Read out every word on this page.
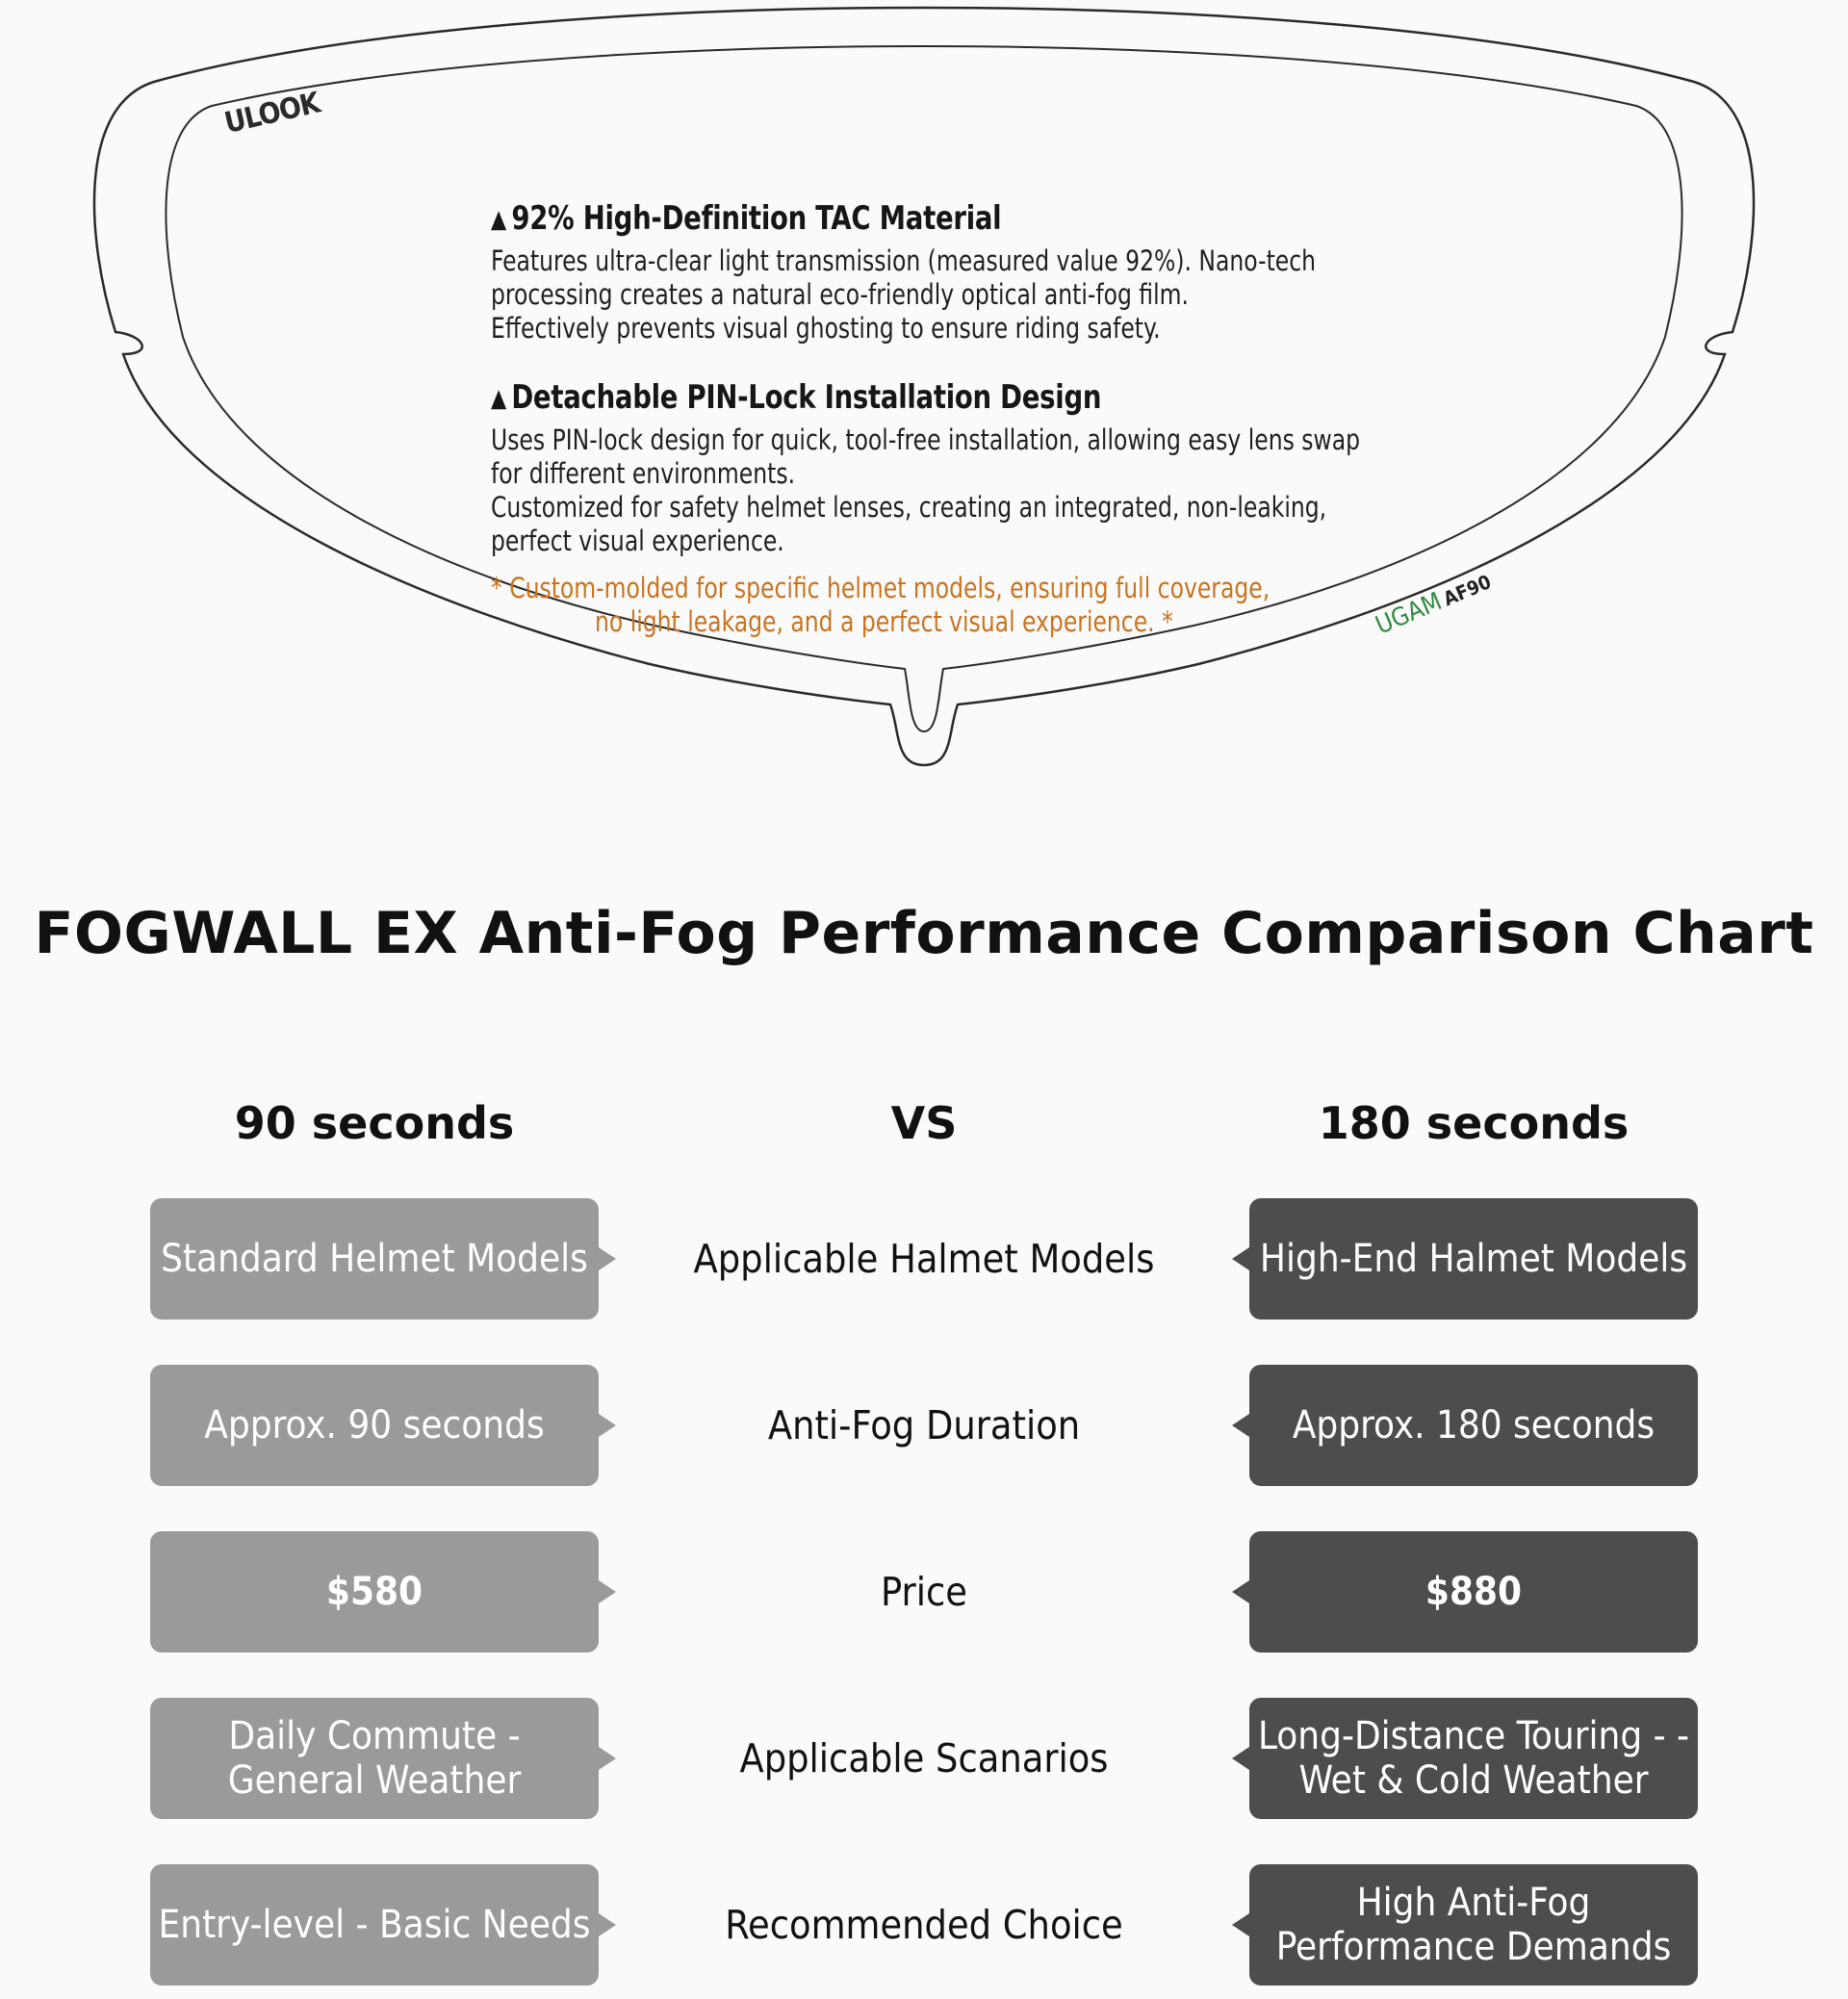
ULOOK
▲ 92% High-Definition TAC Material
Features ultra-clear light transmission (measured value 92%). Nano-tech
processing creates a natural eco-friendly optical anti-fog film.
Effectively prevents visual ghosting to ensure riding safety.
▲ Detachable PIN-Lock Installation Design
Uses PIN-lock design for quick, tool-free installation, allowing easy lens swap
for different environments.
Customized for safety helmet lenses, creating an integrated, non-leaking,
perfect visual experience.
* Custom-molded for specific helmet models, ensuring full coverage,
no light leakage, and a perfect visual experience. *	UGAMAF90
FOGWALL EX Anti-Fog Performance Comparison Chart
90 seconds	VS	180 seconds
Standard Helmet Models	Applicable Halmet Models	High-End Halmet Models
Approx. 90 seconds	Anti-Fog Duration	Approx. 180 seconds
$580	Price	$880
Daily Commute - General Weather	Applicable Scanarios	Long-Distance Touring - - Wet & Cold Weather
Entry-level - Basic Needs	Recommended Choice	High Anti-Fog Performance Demands
